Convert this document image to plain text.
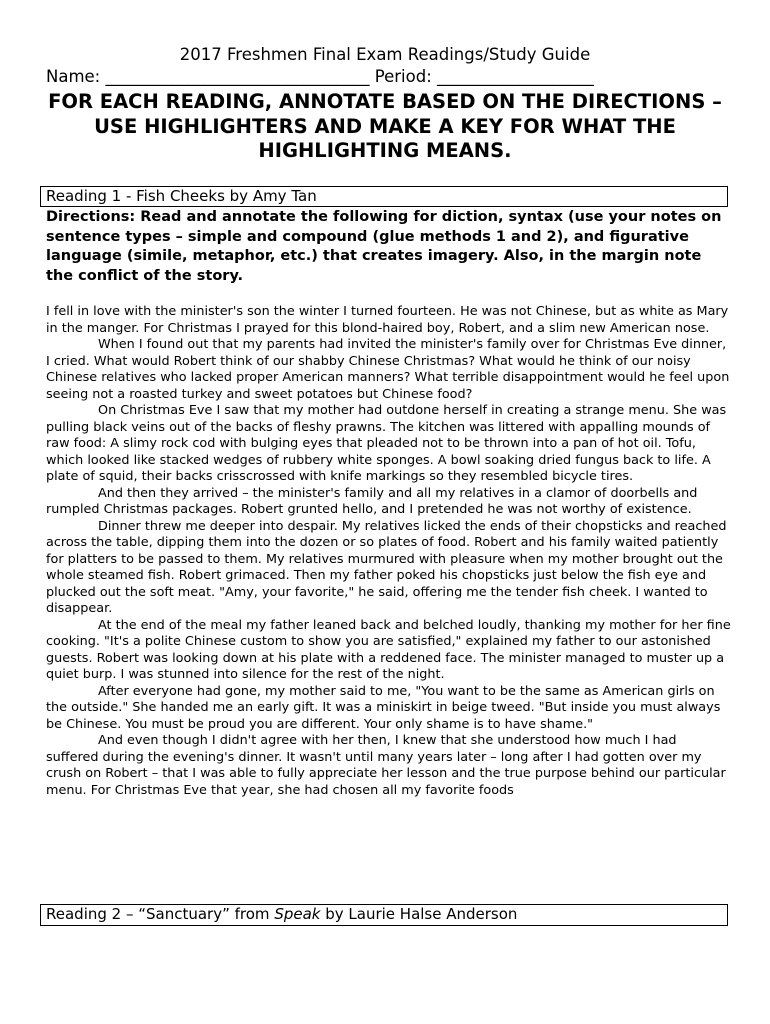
2017 Freshmen Final Exam Readings/Study Guide
Name: ________________________________ Period: ___________________
FOR EACH READING, ANNOTATE BASED ON THE DIRECTIONS – USE HIGHLIGHTERS AND MAKE A KEY FOR WHAT THE HIGHLIGHTING MEANS.
Reading 1 - Fish Cheeks by Amy Tan
Directions: Read and annotate the following for diction, syntax (use your notes on sentence types – simple and compound (glue methods 1 and 2), and figurative language (simile, metaphor, etc.) that creates imagery. Also, in the margin note the conflict of the story.

I fell in love with the minister's son the winter I turned fourteen. He was not Chinese, but as white as Mary in the manger. For Christmas I prayed for this blond-haired boy, Robert, and a slim new American nose.

When I found out that my parents had invited the minister's family over for Christmas Eve dinner, I cried. What would Robert think of our shabby Chinese Christmas? What would he think of our noisy Chinese relatives who lacked proper American manners? What terrible disappointment would he feel upon seeing not a roasted turkey and sweet potatoes but Chinese food?

On Christmas Eve I saw that my mother had outdone herself in creating a strange menu. She was pulling black veins out of the backs of fleshy prawns. The kitchen was littered with appalling mounds of raw food: A slimy rock cod with bulging eyes that pleaded not to be thrown into a pan of hot oil. Tofu, which looked like stacked wedges of rubbery white sponges. A bowl soaking dried fungus back to life. A plate of squid, their backs crisscrossed with knife markings so they resembled bicycle tires.

And then they arrived – the minister's family and all my relatives in a clamor of doorbells and rumpled Christmas packages. Robert grunted hello, and I pretended he was not worthy of existence.

Dinner threw me deeper into despair. My relatives licked the ends of their chopsticks and reached across the table, dipping them into the dozen or so plates of food. Robert and his family waited patiently for platters to be passed to them. My relatives murmured with pleasure when my mother brought out the whole steamed fish. Robert grimaced. Then my father poked his chopsticks just below the fish eye and plucked out the soft meat. "Amy, your favorite," he said, offering me the tender fish cheek. I wanted to disappear.

At the end of the meal my father leaned back and belched loudly, thanking my mother for her fine cooking. "It's a polite Chinese custom to show you are satisfied," explained my father to our astonished guests. Robert was looking down at his plate with a reddened face. The minister managed to muster up a quiet burp. I was stunned into silence for the rest of the night.

After everyone had gone, my mother said to me, "You want to be the same as American girls on the outside." She handed me an early gift. It was a miniskirt in beige tweed. "But inside you must always be Chinese. You must be proud you are different. Your only shame is to have shame."

And even though I didn't agree with her then, I knew that she understood how much I had suffered during the evening's dinner. It wasn't until many years later – long after I had gotten over my crush on Robert – that I was able to fully appreciate her lesson and the true purpose behind our particular menu. For Christmas Eve that year, she had chosen all my favorite foods

Reading 2 – “Sanctuary” from Speak by Laurie Halse Anderson
